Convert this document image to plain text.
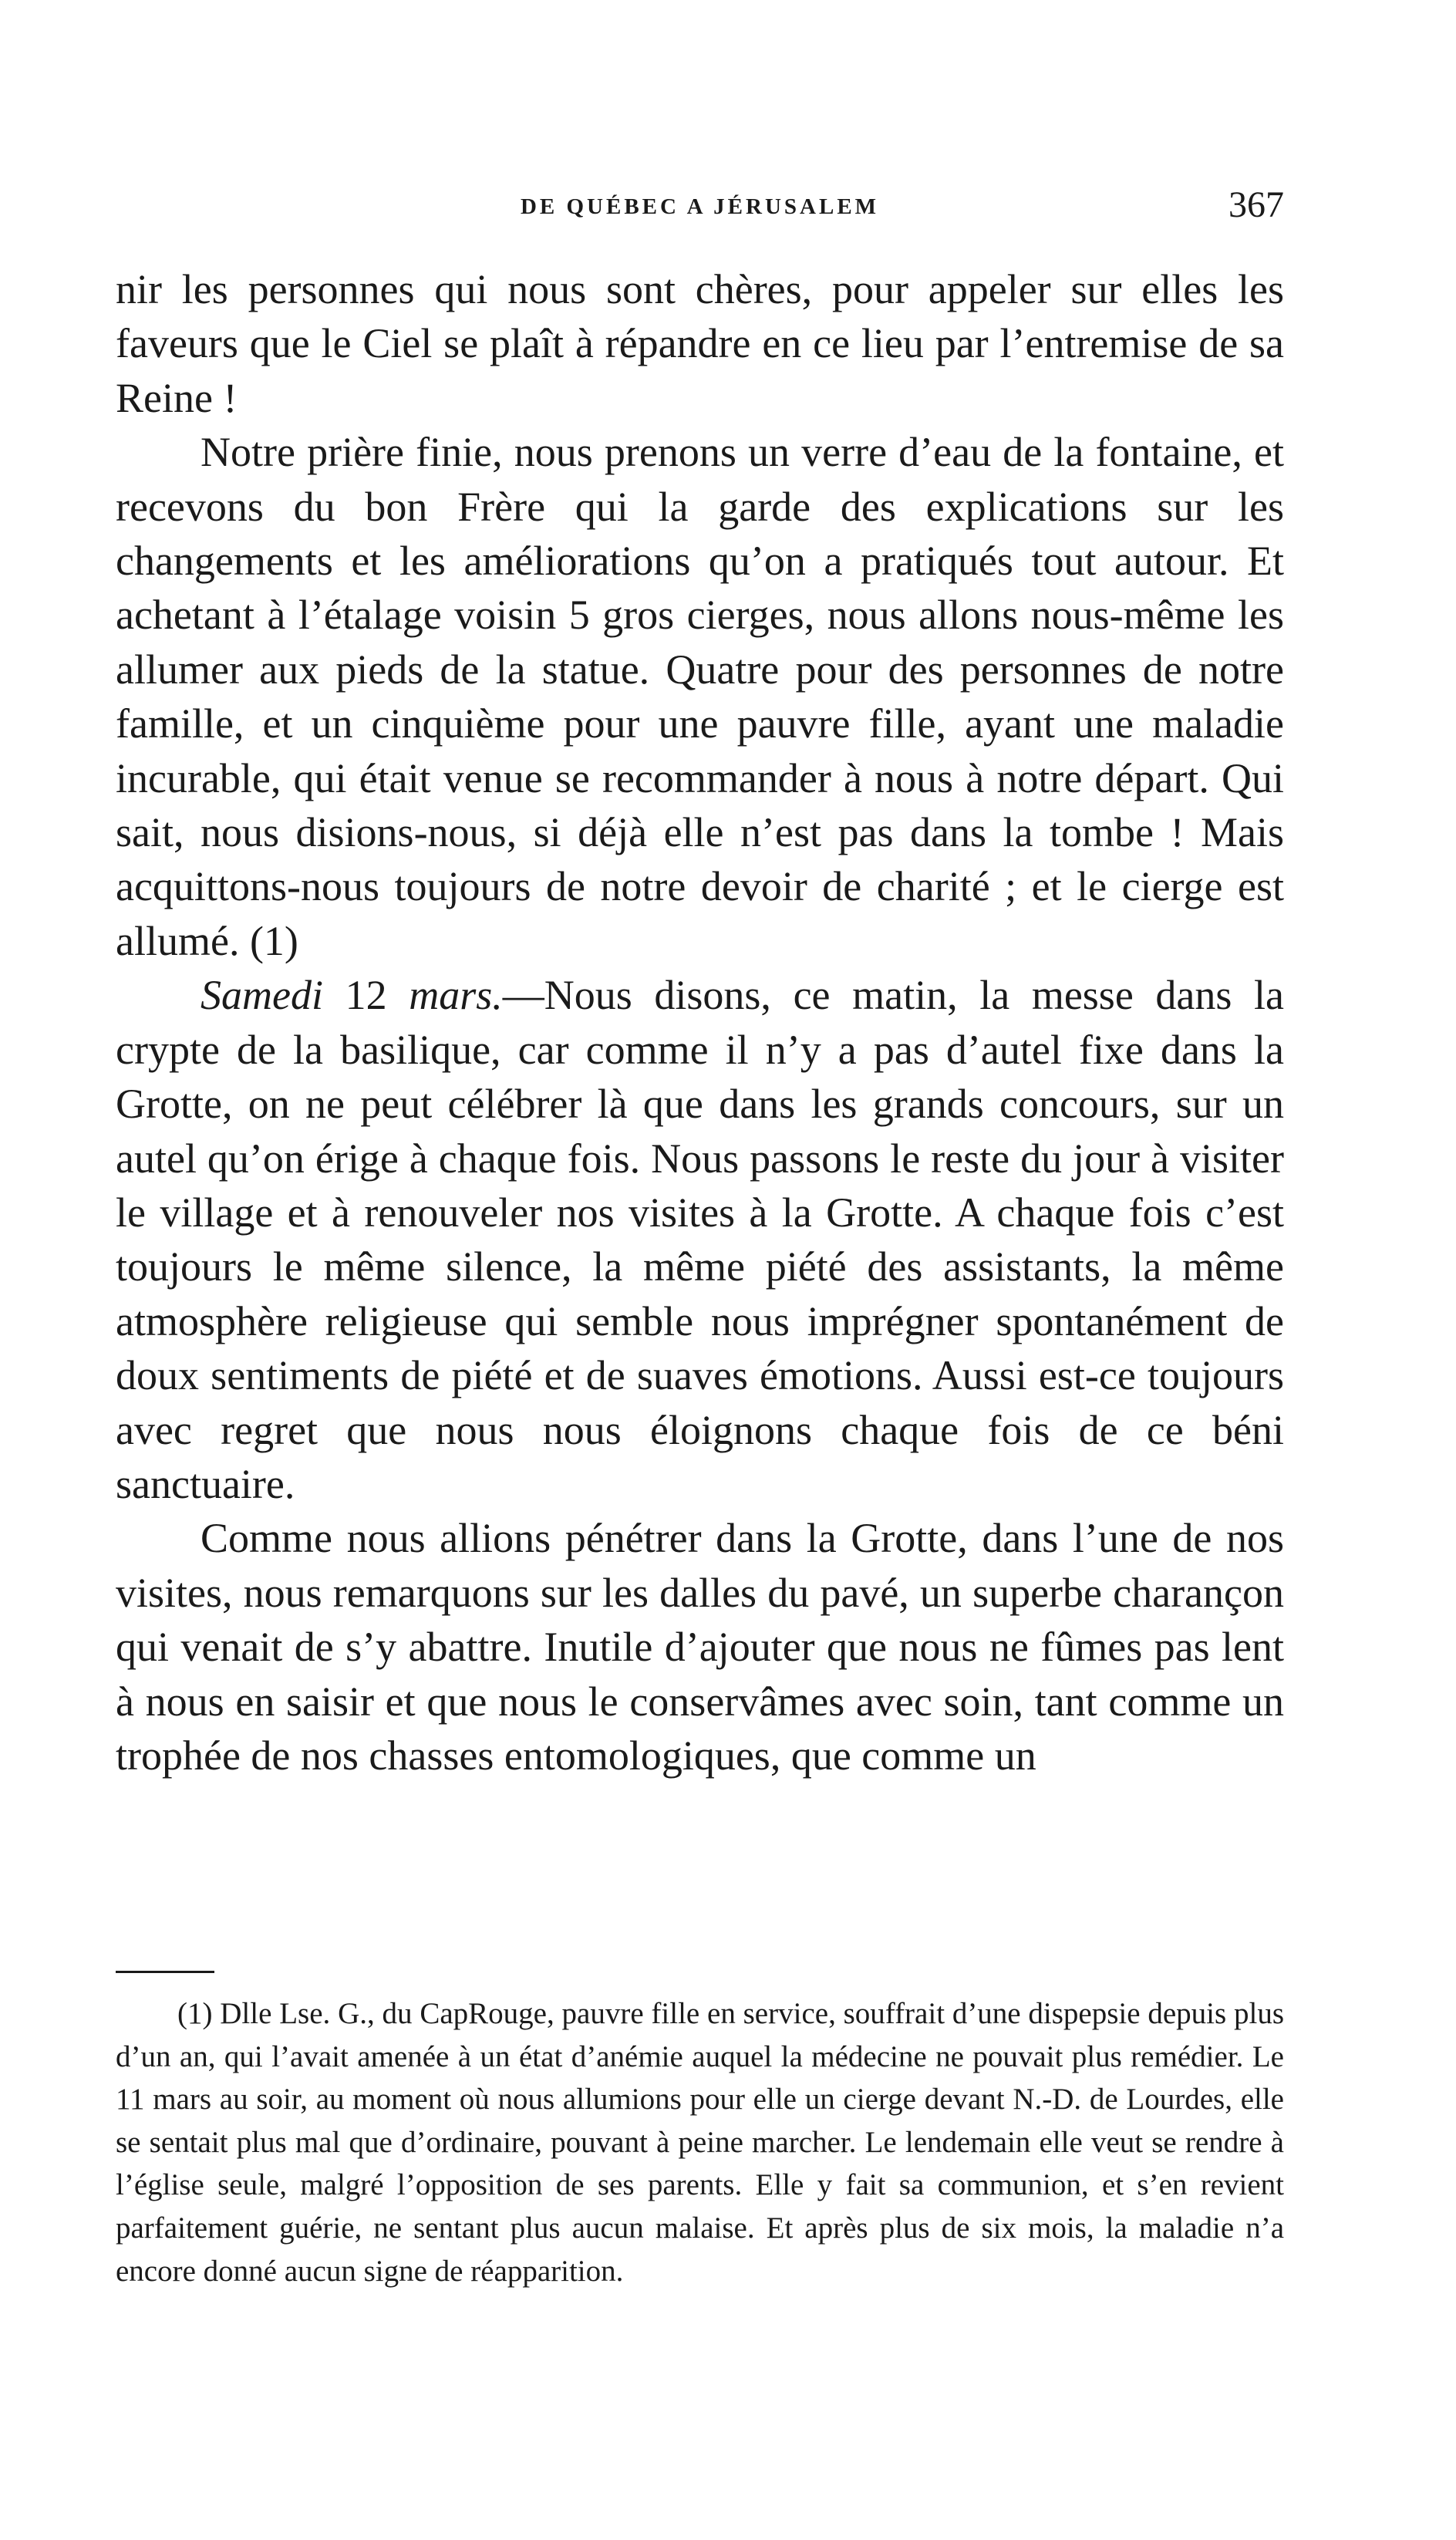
DE QUÉBEC A JÉRUSALEM	367

nir les personnes qui nous sont chères, pour appeler sur elles les faveurs que le Ciel se plaît à répandre en ce lieu par l’entremise de sa Reine !

Notre prière finie, nous prenons un verre d’eau de la fontaine, et recevons du bon Frère qui la garde des explications sur les changements et les améliorations qu’on a pratiqués tout autour. Et achetant à l’étalage voisin 5 gros cierges, nous allons nous-même les allumer aux pieds de la statue. Quatre pour des personnes de notre famille, et un cinquième pour une pauvre fille, ayant une maladie incurable, qui était venue se recommander à nous à notre départ. Qui sait, nous disions-nous, si déjà elle n’est pas dans la tombe ! Mais acquittons-nous toujours de notre devoir de charité ; et le cierge est allumé. (1)

Samedi 12 mars.—Nous disons, ce matin, la messe dans la crypte de la basilique, car comme il n’y a pas d’autel fixe dans la Grotte, on ne peut célébrer là que dans les grands concours, sur un autel qu’on érige à chaque fois. Nous passons le reste du jour à visiter le village et à renouveler nos visites à la Grotte. A chaque fois c’est toujours le même silence, la même piété des assistants, la même atmosphère religieuse qui semble nous imprégner spontanément de doux sentiments de piété et de suaves émotions. Aussi est-ce toujours avec regret que nous nous éloignons chaque fois de ce béni sanctuaire.

Comme nous allions pénétrer dans la Grotte, dans l’une de nos visites, nous remarquons sur les dalles du pavé, un superbe charançon qui venait de s’y abattre. Inutile d’ajouter que nous ne fûmes pas lent à nous en saisir et que nous le conservâmes avec soin, tant comme un trophée de nos chasses entomologiques, que comme un

(1) Dlle Lse. G., du CapRouge, pauvre fille en service, souffrait d’une dispepsie depuis plus d’un an, qui l’avait amenée à un état d’anémie auquel la médecine ne pouvait plus remédier. Le 11 mars au soir, au moment où nous allumions pour elle un cierge devant N.-D. de Lourdes, elle se sentait plus mal que d’ordinaire, pouvant à peine marcher. Le lendemain elle veut se rendre à l’église seule, malgré l’opposition de ses parents. Elle y fait sa communion, et s’en revient parfaitement guérie, ne sentant plus aucun malaise. Et après plus de six mois, la maladie n’a encore donné aucun signe de réapparition.
